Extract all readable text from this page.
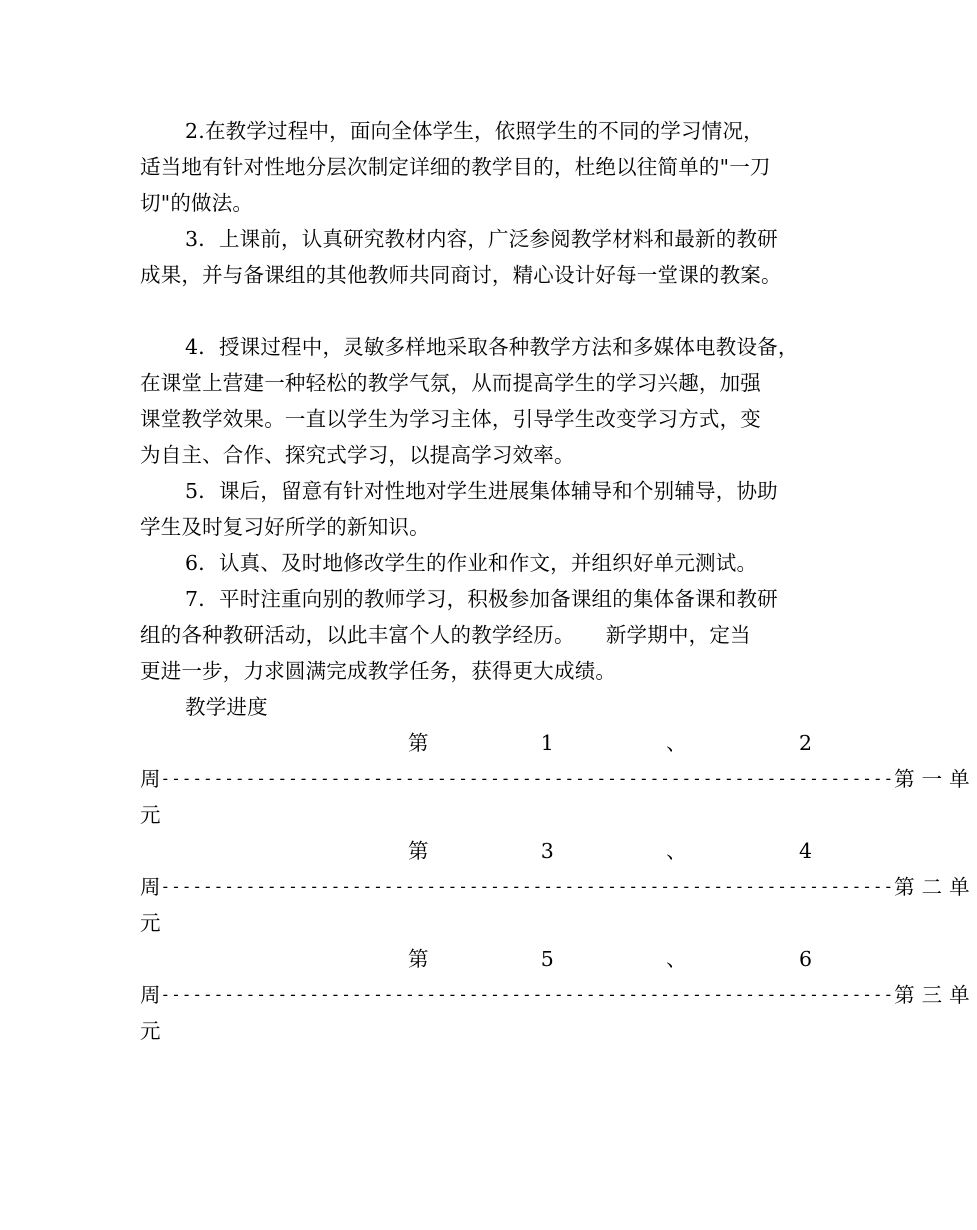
2.在教学过程中，面向全体学生，依照学生的不同的学习情况，
适当地有针对性地分层次制定详细的教学目的，杜绝以往简单的"一刀
切"的做法。
3．上课前，认真研究教材内容，广泛参阅教学材料和最新的教研
成果，并与备课组的其他教师共同商讨，精心设计好每一堂课的教案。
4．授课过程中，灵敏多样地采取各种教学方法和多媒体电教设备，
在课堂上营建一种轻松的教学气氛，从而提高学生的学习兴趣，加强
课堂教学效果。一直以学生为学习主体，引导学生改变学习方式，变
为自主、合作、探究式学习，以提高学习效率。
5．课后，留意有针对性地对学生进展集体辅导和个别辅导，协助
学生及时复习好所学的新知识。
6．认真、及时地修改学生的作业和作文，并组织好单元测试。
7．平时注重向别的教师学习，积极参加备课组的集体备课和教研
组的各种教研活动，以此丰富个人的教学经历。　　新学期中，定当
更进一步，力求圆满完成教学任务，获得更大成绩。
教学进度
第	1	、	2
周 --------------------------------------------------------------------- 第一单
元
第	3	、	4
周 --------------------------------------------------------------------- 第二单
元
第	5	、	6
周 --------------------------------------------------------------------- 第三单
元
